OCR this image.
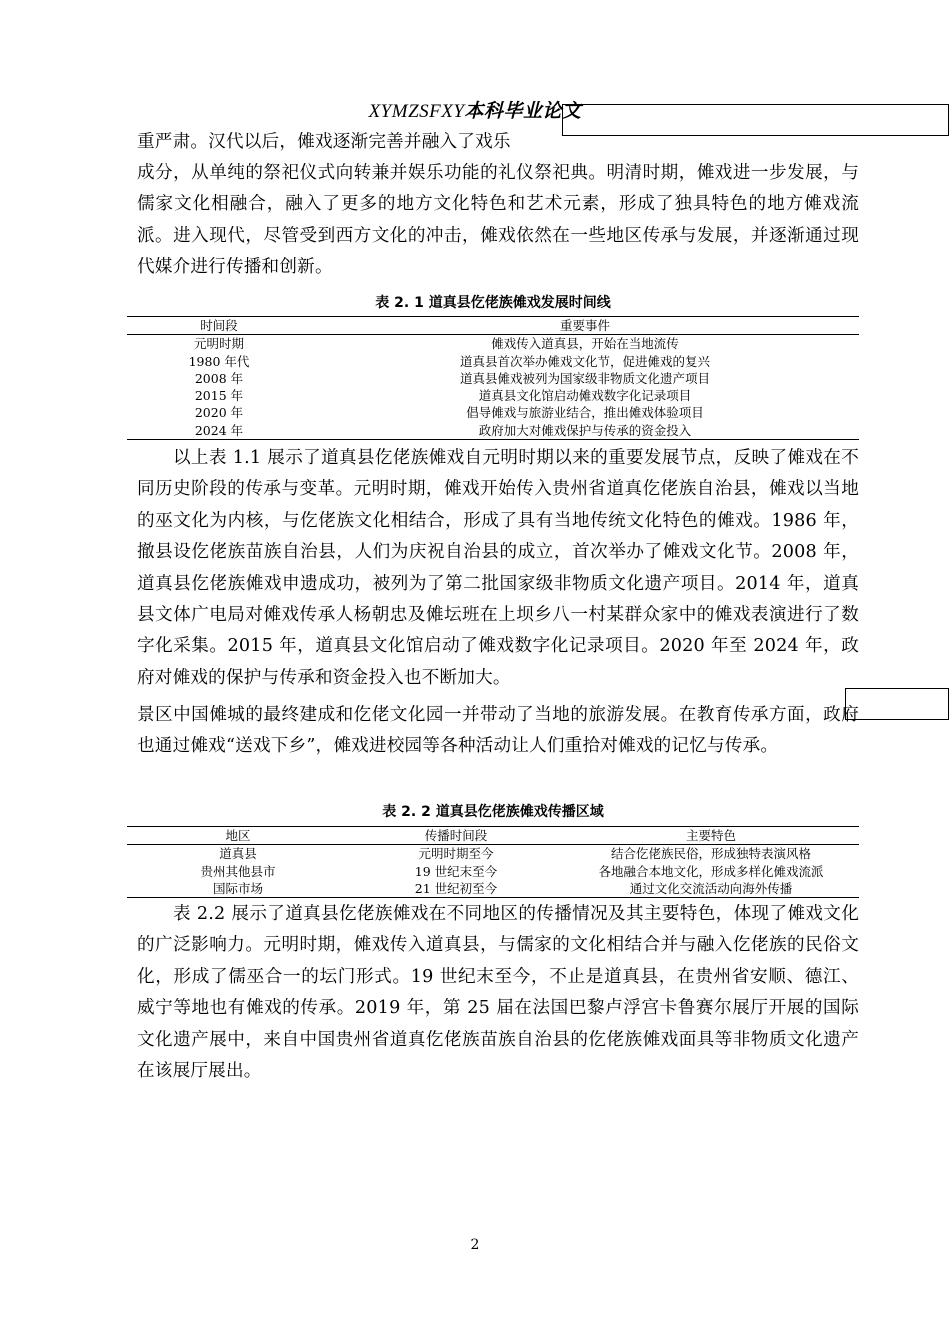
XYMZSFXY本科毕业论文

重严肃。汉代以后，傩戏逐渐完善并融入了戏乐

成分，从单纯的祭祀仪式向转兼并娱乐功能的礼仪祭祀典。明清时期，傩戏进一步发展，与儒家文化相融合，融入了更多的地方文化特色和艺术元素，形成了独具特色的地方傩戏流派。进入现代，尽管受到西方文化的冲击，傩戏依然在一些地区传承与发展，并逐渐通过现代媒介进行传播和创新。

表 2. 1 道真县仡佬族傩戏发展时间线
时间段	重要事件
元明时期	傩戏传入道真县，开始在当地流传
1980 年代	道真县首次举办傩戏文化节，促进傩戏的复兴
2008 年	道真县傩戏被列为国家级非物质文化遗产项目
2015 年	道真县文化馆启动傩戏数字化记录项目
2020 年	倡导傩戏与旅游业结合，推出傩戏体验项目
2024 年	政府加大对傩戏保护与传承的资金投入

以上表 1.1 展示了道真县仡佬族傩戏自元明时期以来的重要发展节点，反映了傩戏在不同历史阶段的传承与变革。元明时期，傩戏开始传入贵州省道真仡佬族自治县，傩戏以当地的巫文化为内核，与仡佬族文化相结合，形成了具有当地传统文化特色的傩戏。1986 年，撤县设仡佬族苗族自治县，人们为庆祝自治县的成立，首次举办了傩戏文化节。2008 年，道真县仡佬族傩戏申遗成功，被列为了第二批国家级非物质文化遗产项目。2014 年，道真县文体广电局对傩戏传承人杨朝忠及傩坛班在上坝乡八一村某群众家中的傩戏表演进行了数字化采集。2015 年，道真县文化馆启动了傩戏数字化记录项目。2020 年至 2024 年，政府对傩戏的保护与传承和资金投入也不断加大。

景区中国傩城的最终建成和仡佬文化园一并带动了当地的旅游发展。在教育传承方面，政府也通过傩戏“送戏下乡”，傩戏进校园等各种活动让人们重拾对傩戏的记忆与传承。

表 2. 2 道真县仡佬族傩戏传播区域
地区	传播时间段	主要特色
道真县	元明时期至今	结合仡佬族民俗，形成独特表演风格
贵州其他县市	19 世纪末至今	各地融合本地文化，形成多样化傩戏流派
国际市场	21 世纪初至今	通过文化交流活动向海外传播

表 2.2 展示了道真县仡佬族傩戏在不同地区的传播情况及其主要特色，体现了傩戏文化的广泛影响力。元明时期，傩戏传入道真县，与儒家的文化相结合并与融入仡佬族的民俗文化，形成了儒巫合一的坛门形式。19 世纪末至今，不止是道真县，在贵州省安顺、德江、威宁等地也有傩戏的传承。2019 年，第 25 届在法国巴黎卢浮宫卡鲁赛尔展厅开展的国际文化遗产展中，来自中国贵州省道真仡佬族苗族自治县的仡佬族傩戏面具等非物质文化遗产在该展厅展出。

2
